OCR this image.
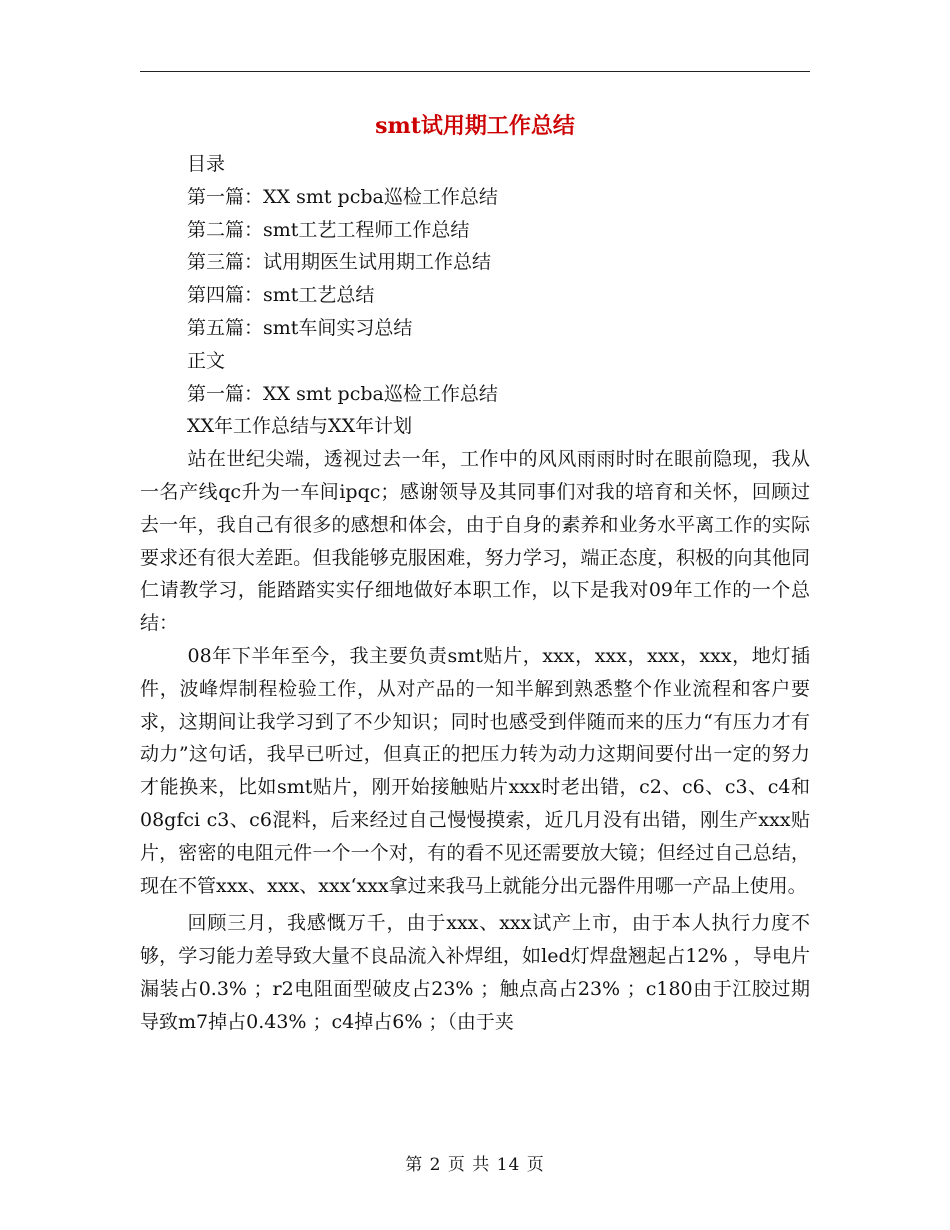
smt试用期工作总结
目录
第一篇：XX smt pcba巡检工作总结
第二篇：smt工艺工程师工作总结
第三篇：试用期医生试用期工作总结
第四篇：smt工艺总结
第五篇：smt车间实习总结
正文
第一篇：XX smt pcba巡检工作总结
XX年工作总结与XX年计划

站在世纪尖端，透视过去一年，工作中的风风雨雨时时在眼前隐现，我从一名产线qc升为一车间ipqc；感谢领导及其同事们对我的培育和关怀，回顾过去一年，我自己有很多的感想和体会，由于自身的素养和业务水平离工作的实际要求还有很大差距。但我能够克服困难，努力学习，端正态度，积极的向其他同仁请教学习，能踏踏实实仔细地做好本职工作，以下是我对09年工作的一个总结：

08年下半年至今，我主要负责smt贴片，xxx，xxx，xxx，xxx，地灯插件，波峰焊制程检验工作，从对产品的一知半解到熟悉整个作业流程和客户要求，这期间让我学习到了不少知识；同时也感受到伴随而来的压力“有压力才有动力”这句话，我早已听过，但真正的把压力转为动力这期间要付出一定的努力才能换来，比如smt贴片，刚开始接触贴片xxx时老出错，c2、c6、c3、c4和08gfci c3、c6混料，后来经过自己慢慢摸索，近几月没有出错，刚生产xxx贴片，密密的电阻元件一个一个对，有的看不见还需要放大镜；但经过自己总结，现在不管xxx、xxx、xxx‘xxx拿过来我马上就能分出元器件用哪一产品上使用。

回顾三月，我感慨万千，由于xxx、xxx试产上市，由于本人执行力度不够，学习能力差导致大量不良品流入补焊组，如led灯焊盘翘起占12% ，导电片漏装占0.3% ；r2电阻面型破皮占23% ；触点高占23% ；c180由于江胶过期导致m7掉占0.43% ；c4掉占6% ；（由于夹

第 2 页 共 14 页
